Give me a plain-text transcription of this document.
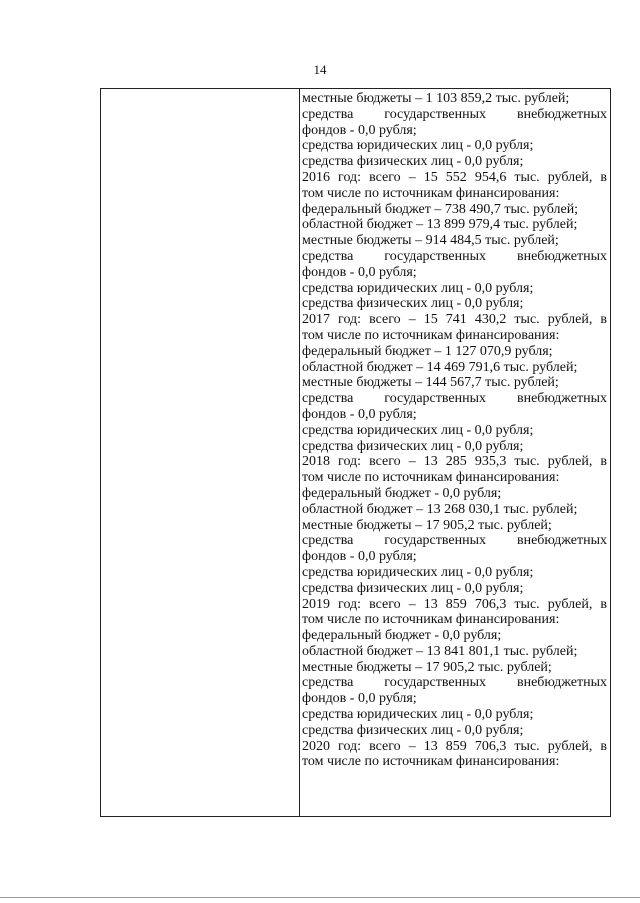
14
местные бюджеты – 1 103 859,2 тыс. рублей;
средства государственных внебюджетных
фондов - 0,0 рубля;
средства юридических лиц - 0,0 рубля;
средства физических лиц - 0,0 рубля;
2016 год: всего – 15 552 954,6 тыс. рублей, в
том числе по источникам финансирования:
федеральный бюджет – 738 490,7 тыс. рублей;
областной бюджет – 13 899 979,4 тыс. рублей;
местные бюджеты – 914 484,5 тыс. рублей;
средства государственных внебюджетных
фондов - 0,0 рубля;
средства юридических лиц - 0,0 рубля;
средства физических лиц - 0,0 рубля;
2017 год: всего – 15 741 430,2 тыс. рублей, в
том числе по источникам финансирования:
федеральный бюджет – 1 127 070,9 рубля;
областной бюджет – 14 469 791,6 тыс. рублей;
местные бюджеты – 144 567,7 тыс. рублей;
средства государственных внебюджетных
фондов - 0,0 рубля;
средства юридических лиц - 0,0 рубля;
средства физических лиц - 0,0 рубля;
2018 год: всего – 13 285 935,3 тыс. рублей, в
том числе по источникам финансирования:
федеральный бюджет - 0,0 рубля;
областной бюджет – 13 268 030,1 тыс. рублей;
местные бюджеты – 17 905,2 тыс. рублей;
средства государственных внебюджетных
фондов - 0,0 рубля;
средства юридических лиц - 0,0 рубля;
средства физических лиц - 0,0 рубля;
2019 год: всего – 13 859 706,3 тыс. рублей, в
том числе по источникам финансирования:
федеральный бюджет - 0,0 рубля;
областной бюджет – 13 841 801,1 тыс. рублей;
местные бюджеты – 17 905,2 тыс. рублей;
средства государственных внебюджетных
фондов - 0,0 рубля;
средства юридических лиц - 0,0 рубля;
средства физических лиц - 0,0 рубля;
2020 год: всего – 13 859 706,3 тыс. рублей, в
том числе по источникам финансирования:
